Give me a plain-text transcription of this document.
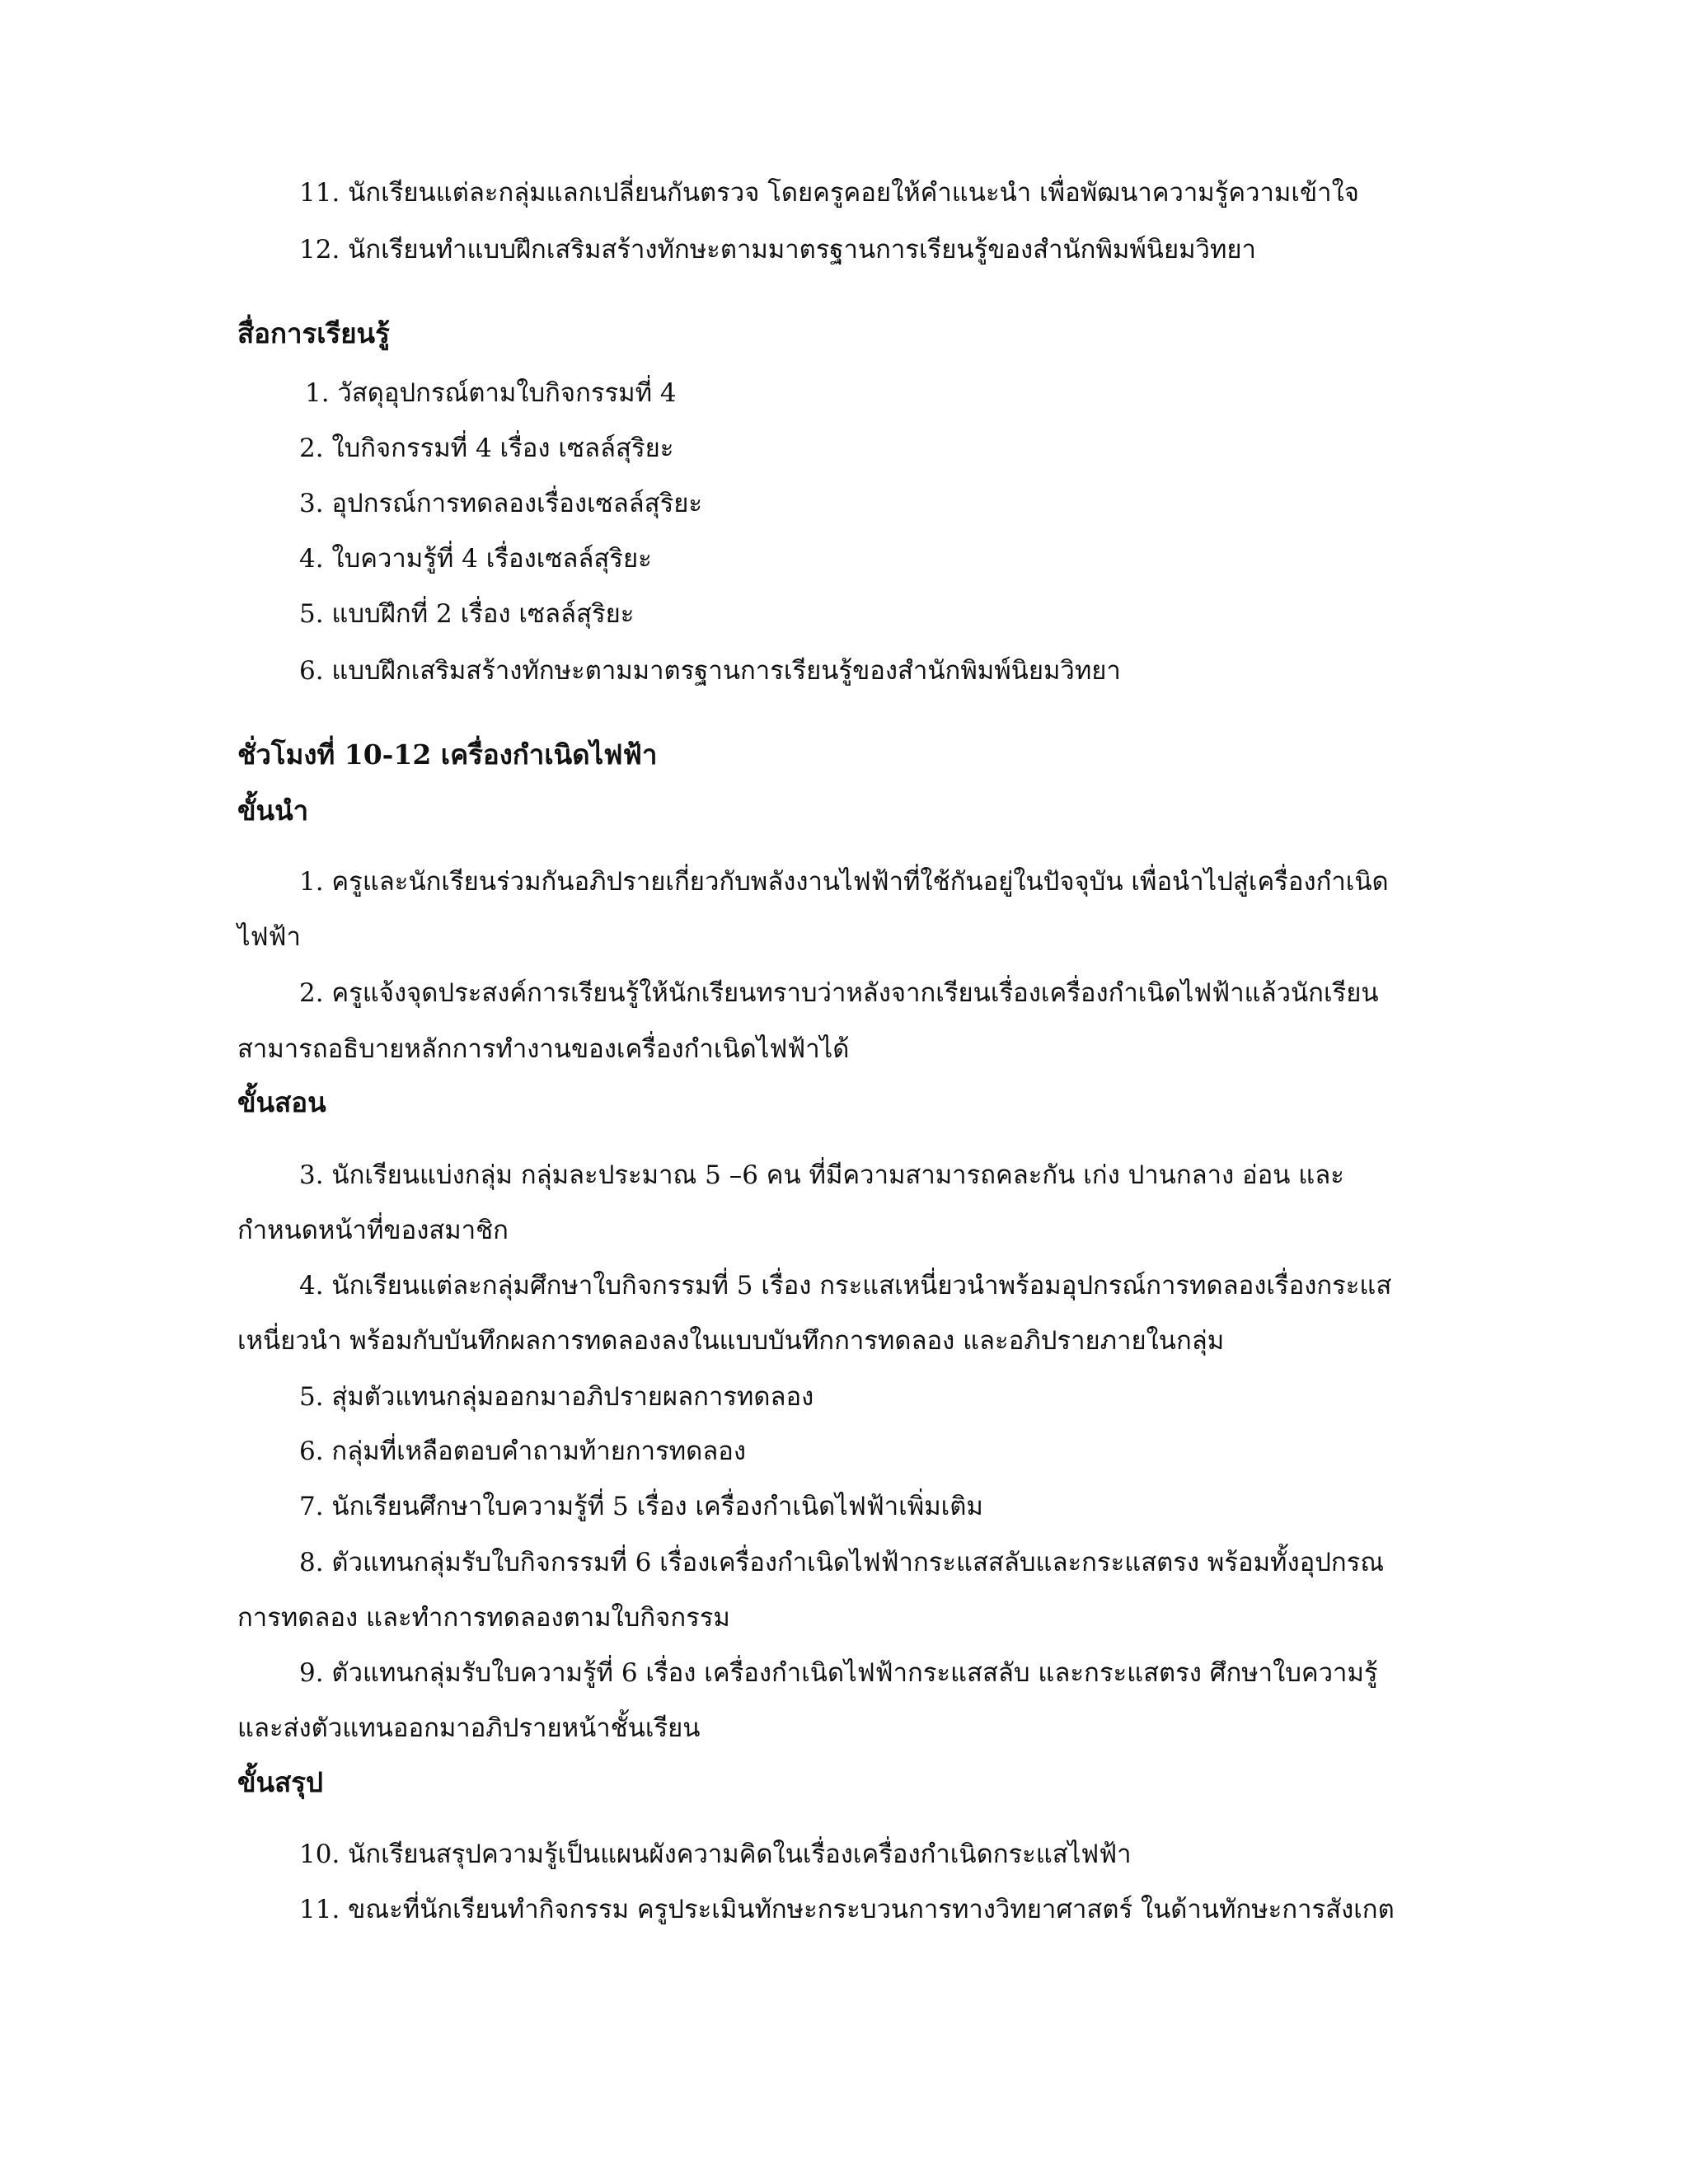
11. นักเรียนแต่ละกลุ่มแลกเปลี่ยนกันตรวจ โดยครูคอยให้คำแนะนำ เพื่อพัฒนาความรู้ความเข้าใจ
12. นักเรียนทำแบบฝึกเสริมสร้างทักษะตามมาตรฐานการเรียนรู้ของสำนักพิมพ์นิยมวิทยา
สื่อการเรียนรู้
1. วัสดุอุปกรณ์ตามใบกิจกรรมที่ 4
2. ใบกิจกรรมที่ 4 เรื่อง เซลล์สุริยะ
3. อุปกรณ์การทดลองเรื่องเซลล์สุริยะ
4. ใบความรู้ที่ 4 เรื่องเซลล์สุริยะ
5. แบบฝึกที่ 2 เรื่อง เซลล์สุริยะ
6. แบบฝึกเสริมสร้างทักษะตามมาตรฐานการเรียนรู้ของสำนักพิมพ์นิยมวิทยา
ชั่วโมงที่ 10-12 เครื่องกำเนิดไฟฟ้า
ขั้นนำ
1. ครูและนักเรียนร่วมกันอภิปรายเกี่ยวกับพลังงานไฟฟ้าที่ใช้กันอยู่ในปัจจุบัน เพื่อนำไปสู่เครื่องกำเนิด
ไฟฟ้า
2. ครูแจ้งจุดประสงค์การเรียนรู้ให้นักเรียนทราบว่าหลังจากเรียนเรื่องเครื่องกำเนิดไฟฟ้าแล้วนักเรียน
สามารถอธิบายหลักการทำงานของเครื่องกำเนิดไฟฟ้าได้
ขั้นสอน
3. นักเรียนแบ่งกลุ่ม กลุ่มละประมาณ 5 –6 คน ที่มีความสามารถคละกัน เก่ง ปานกลาง อ่อน และ
กำหนดหน้าที่ของสมาชิก
4. นักเรียนแต่ละกลุ่มศึกษาใบกิจกรรมที่ 5 เรื่อง กระแสเหนี่ยวนำพร้อมอุปกรณ์การทดลองเรื่องกระแส
เหนี่ยวนำ พร้อมกับบันทึกผลการทดลองลงในแบบบันทึกการทดลอง และอภิปรายภายในกลุ่ม
5. สุ่มตัวแทนกลุ่มออกมาอภิปรายผลการทดลอง
6. กลุ่มที่เหลือตอบคำถามท้ายการทดลอง
7. นักเรียนศึกษาใบความรู้ที่ 5 เรื่อง เครื่องกำเนิดไฟฟ้าเพิ่มเติม
8. ตัวแทนกลุ่มรับใบกิจกรรมที่ 6 เรื่องเครื่องกำเนิดไฟฟ้ากระแสสลับและกระแสตรง พร้อมทั้งอุปกรณ
การทดลอง และทำการทดลองตามใบกิจกรรม
9. ตัวแทนกลุ่มรับใบความรู้ที่ 6 เรื่อง เครื่องกำเนิดไฟฟ้ากระแสสลับ และกระแสตรง ศึกษาใบความรู้
และส่งตัวแทนออกมาอภิปรายหน้าชั้นเรียน
ขั้นสรุป
10. นักเรียนสรุปความรู้เป็นแผนผังความคิดในเรื่องเครื่องกำเนิดกระแสไฟฟ้า
11. ขณะที่นักเรียนทำกิจกรรม ครูประเมินทักษะกระบวนการทางวิทยาศาสตร์ ในด้านทักษะการสังเกต
